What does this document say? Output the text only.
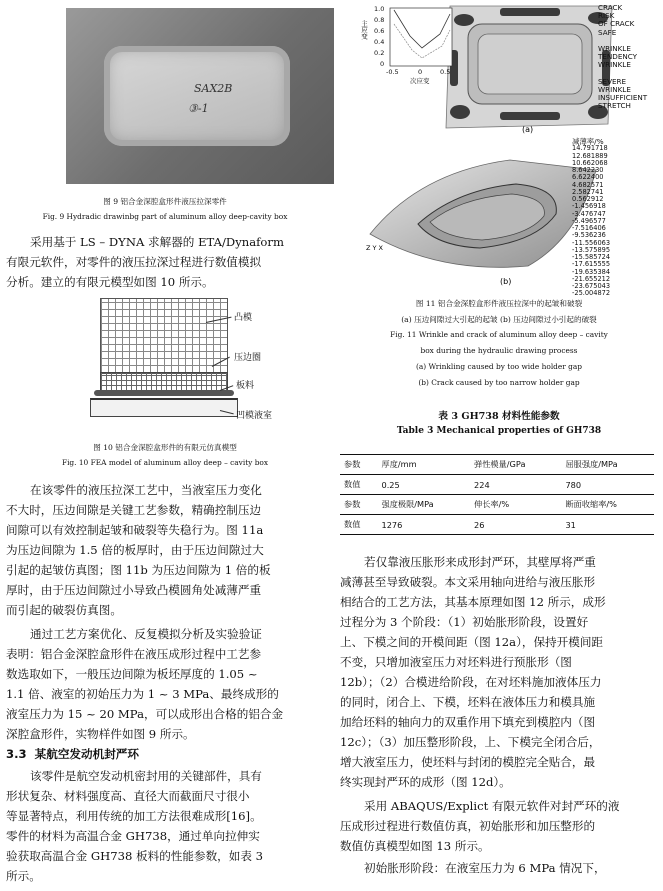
SAX2B
③-1
图 9 铝合金深腔盒形件液压拉深零件
Fig. 9 Hydradic drawinbg part of aluminum alloy deep-cavity box
采用基于 LS – DYNA 求解器的 ETA/Dynaform
有限元软件，对零件的液压拉深过程进行数值模拟
分析。建立的有限元模型如图 10 所示。
凸模
压边圈
板料
凹模液室
图 10 铝合金深腔盒形件的有限元仿真模型
Fig. 10 FEA model of aluminum alloy deep – cavity box
在该零件的液压拉深工艺中，当液室压力变化
不大时，压边间隙是关键工艺参数，精确控制压边
间隙可以有效控制起皱和破裂等失稳行为。图 11a
为压边间隙为 1.5 倍的板厚时，由于压边间隙过大
引起的起皱仿真图；图 11b 为压边间隙为 1 倍的板
厚时，由于压边间隙过小导致凸模圆角处减薄严重
而引起的破裂仿真图。
通过工艺方案优化、反复模拟分析及实验验证
表明：铝合金深腔盒形件在液压成形过程中工艺参
数选取如下，一般压边间隙为板坯厚度的 1.05 ~
1.1 倍、液室的初始压力为 1 ~ 3 MPa、最终成形的
液室压力为 15 ~ 20 MPa，可以成形出合格的铝合金
深腔盒形件，实物样件如图 9 所示。
3.3 某航空发动机封严环
该零件是航空发动机密封用的关键部件，具有
形状复杂、材料强度高、直径大而截面尺寸很小
等显著特点，利用传统的加工方法很难成形[16]。
零件的材料为高温合金 GH738，通过单向拉伸实
验获取高温合金 GH738 板料的性能参数，如表 3
所示。
1.0
0.8
0.6
0.4
0.2
0
-0.5	0	0.5
次应变
主应变
(a)
CRACK
RISK
OF CRACK
SAFE

WRINKLE
TENDENCY
WRINKLE

SEVERE
WRINKLE
INSUFFICIENT
STRETCH
Z Y X
(b)
减薄率/%
14.791718
12.681889
10.662068
8.642230
6.622400
4.682571
2.582741
0.562912
-1.456918
-3.476747
-5.496577
-7.516406
-9.536236
-11.556063
-13.575895
-15.585724
-17.615555
-19.635384
-21.655212
-23.675043
-25.004872
图 11 铝合金深腔盒形件液压拉深中的起皱和破裂
(a) 压边间隙过大引起的起皱 (b) 压边间隙过小引起的破裂
Fig. 11 Wrinkle and crack of aluminum alloy deep – cavity
box during the hydraulic drawing process
(a) Wrinkling caused by too wide holder gap
(b) Crack caused by too narrow holder gap
表 3 GH738 材料性能参数
Table 3 Mechanical properties of GH738
参数	厚度/mm	弹性模量/GPa	屈服强度/MPa
数值	0.25	224	780
参数	强度极限/MPa	伸长率/%	断面收缩率/%
数值	1276	26	31
若仅靠液压胀形来成形封严环，其壁厚将严重
减薄甚至导致破裂。本文采用轴向进给与液压胀形
相结合的工艺方法，其基本原理如图 12 所示，成形
过程分为 3 个阶段：（1）初始胀形阶段，设置好
上、下模之间的开模间距（图 12a），保持开模间距
不变，只增加液室压力对坯料进行预胀形（图
12b）；（2）合模进给阶段，在对坯料施加液体压力
的同时，闭合上、下模，坯料在液体压力和模具施
加给坯料的轴向力的双重作用下填充到模腔内（图
12c）；（3）加压整形阶段，上、下模完全闭合后，
增大液室压力，使坯料与封闭的模腔完全贴合，最
终实现封严环的成形（图 12d）。
采用 ABAQUS/Explict 有限元软件对封严环的液
压成形过程进行数值仿真，初始胀形和加压整形的
数值仿真模型如图 13 所示。
初始胀形阶段：在液室压力为 6 MPa 情况下，
